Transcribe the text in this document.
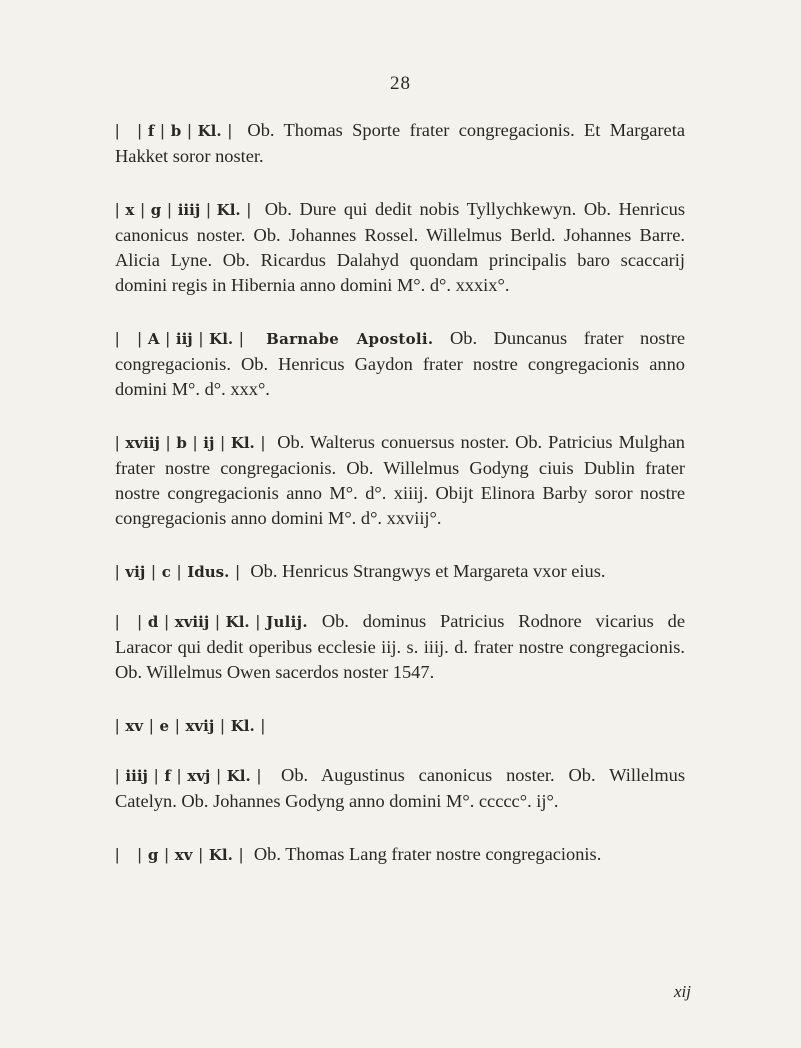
28

| | f | b | Kl. | Ob. Thomas Sporte frater congregacionis. Et Margareta Hakket soror noster.

| x | g | iiij | Kl. | Ob. Dure qui dedit nobis Tyllychkewyn. Ob. Henricus canonicus noster. Ob. Johannes Rossel. Willelmus Berld. Johannes Barre. Alicia Lyne. Ob. Ricardus Dalahyd quondam principalis baro scaccarij domini regis in Hibernia anno domini M°. d°. xxxix°.

| | A | iij | Kl. | Barnabe Apostoli. Ob. Duncanus frater nostre congregacionis. Ob. Henricus Gaydon frater nostre congregacionis anno domini M°. d°. xxx°.

| xviij | b | ij | Kl. | Ob. Walterus conuersus noster. Ob. Patricius Mulghan frater nostre congregacionis. Ob. Willelmus Godyng ciuis Dublin frater nostre congregacionis anno M°. d°. xiiij. Obijt Elinora Barby soror nostre congregacionis anno domini M°. d°. xxviij°.

| vij | c | Idus. | Ob. Henricus Strangwys et Margareta vxor eius.

| | d | xviij | Kl. | Julij. Ob. dominus Patricius Rodnore vicarius de Laracor qui dedit operibus ecclesie iij. s. iiij. d. frater nostre congregacionis. Ob. Willelmus Owen sacerdos noster 1547.

| xv | e | xvij | Kl. |

| iiij | f | xvj | Kl. | Ob. Augustinus canonicus noster. Ob. Willelmus Catelyn. Ob. Johannes Godyng anno domini M°. ccccc°. ij°.

| | g | xv | Kl. | Ob. Thomas Lang frater nostre congregacionis.

xij
